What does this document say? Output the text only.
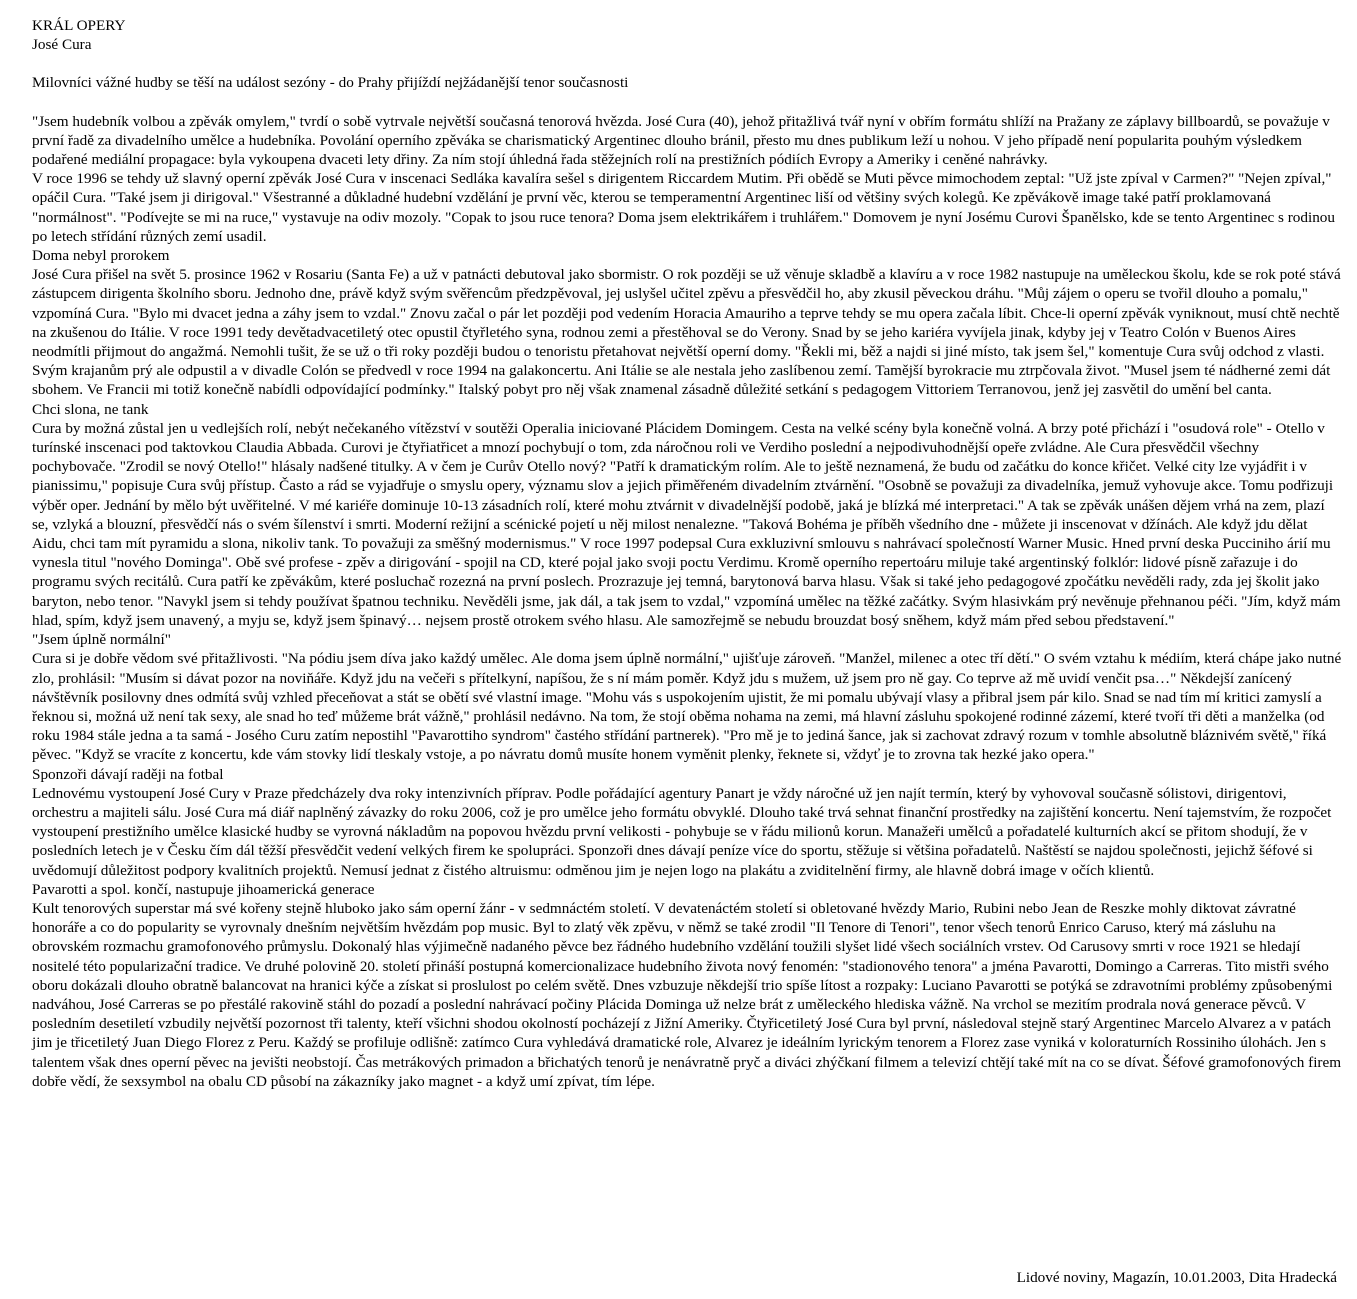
KRÁL OPERY
José Cura
Milovníci vážné hudby se těší na událost sezóny - do Prahy přijíždí nejžádanější tenor současnosti
"Jsem hudebník volbou a zpěvák omylem," tvrdí o sobě vytrvale největší současná tenorová hvězda. José Cura (40), jehož přitažlivá tvář nyní v obřím formátu shlíží na Pražany ze záplavy billboardů, se považuje v první řadě za divadelního umělce a hudebníka. Povolání operního zpěváka se charismatický Argentinec dlouho bránil, přesto mu dnes publikum leží u nohou. V jeho případě není popularita pouhým výsledkem podařené mediální propagace: byla vykoupena dvaceti lety dřiny. Za ním stojí úhledná řada stěžejních rolí na prestižních pódiích Evropy a Ameriky i ceněné nahrávky.
V roce 1996 se tehdy už slavný operní zpěvák José Cura v inscenaci Sedláka kavalíra sešel s dirigentem Riccardem Mutim. Při obědě se Muti pěvce mimochodem zeptal: "Už jste zpíval v Carmen?" "Nejen zpíval," opáčil Cura. "Také jsem ji dirigoval." Všestranné a důkladné hudební vzdělání je první věc, kterou se temperamentní Argentinec liší od většiny svých kolegů. Ke zpěvákově image také patří proklamovaná "normálnost". "Podívejte se mi na ruce," vystavuje na odiv mozoly. "Copak to jsou ruce tenora? Doma jsem elektrikářem i truhlářem." Domovem je nyní Josému Curovi Španělsko, kde se tento Argentinec s rodinou po letech střídání různých zemí usadil.
Doma nebyl prorokem
José Cura přišel na svět 5. prosince 1962 v Rosariu (Santa Fe) a už v patnácti debutoval jako sbormistr. O rok později se už věnuje skladbě a klavíru a v roce 1982 nastupuje na uměleckou školu, kde se rok poté stává zástupcem dirigenta školního sboru. Jednoho dne, právě když svým svěřencům předzpěvoval, jej uslyšel učitel zpěvu a přesvědčil ho, aby zkusil pěveckou dráhu. "Můj zájem o operu se tvořil dlouho a pomalu," vzpomíná Cura. "Bylo mi dvacet jedna a záhy jsem to vzdal." Znovu začal o pár let později pod vedením Horacia Amauriho a teprve tehdy se mu opera začala líbit. Chce-li operní zpěvák vyniknout, musí chtě nechtě na zkušenou do Itálie. V roce 1991 tedy devětadvacetiletý otec opustil čtyřletého syna, rodnou zemi a přestěhoval se do Verony. Snad by se jeho kariéra vyvíjela jinak, kdyby jej v Teatro Colón v Buenos Aires neodmítli přijmout do angažmá. Nemohli tušit, že se už o tři roky později budou o tenoristu přetahovat největší operní domy. "Řekli mi, běž a najdi si jiné místo, tak jsem šel," komentuje Cura svůj odchod z vlasti. Svým krajanům prý ale odpustil a v divadle Colón se předvedl v roce 1994 na galakoncertu. Ani Itálie se ale nestala jeho zaslíbenou zemí. Tamější byrokracie mu ztrpčovala život. "Musel jsem té nádherné zemi dát sbohem. Ve Francii mi totiž konečně nabídli odpovídající podmínky." Italský pobyt pro něj však znamenal zásadně důležité setkání s pedagogem Vittoriem Terranovou, jenž jej zasvětil do umění bel canta.
Chci slona, ne tank
Cura by možná zůstal jen u vedlejších rolí, nebýt nečekaného vítězství v soutěži Operalia iniciované Plácidem Domingem. Cesta na velké scény byla konečně volná. A brzy poté přichází i "osudová role" - Otello v turínské inscenaci pod taktovkou Claudia Abbada. Curovi je čtyřiatřicet a mnozí pochybují o tom, zda náročnou roli ve Verdiho poslední a nejpodivuhodnější opeře zvládne. Ale Cura přesvědčil všechny pochybovače. "Zrodil se nový Otello!" hlásaly nadšené titulky. A v čem je Curův Otello nový? "Patří k dramatickým rolím. Ale to ještě neznamená, že budu od začátku do konce křičet. Velké city lze vyjádřit i v pianissimu," popisuje Cura svůj přístup. Často a rád se vyjadřuje o smyslu opery, významu slov a jejich přiměřeném divadelním ztvárnění. "Osobně se považuji za divadelníka, jemuž vyhovuje akce. Tomu podřizuji výběr oper. Jednání by mělo být uvěřitelné. V mé kariéře dominuje 10-13 zásadních rolí, které mohu ztvárnit v divadelnější podobě, jaká je blízká mé interpretaci." A tak se zpěvák unášen dějem vrhá na zem, plazí se, vzlyká a blouzní, přesvědčí nás o svém šílenství i smrti. Moderní režijní a scénické pojetí u něj milost nenalezne. "Taková Bohéma je příběh všedního dne - můžete ji inscenovat v džínách. Ale když jdu dělat Aidu, chci tam mít pyramidu a slona, nikoliv tank. To považuji za směšný modernismus." V roce 1997 podepsal Cura exkluzivní smlouvu s nahrávací společností Warner Music. Hned první deska Pucciniho árií mu vynesla titul "nového Dominga". Obě své profese - zpěv a dirigování - spojil na CD, které pojal jako svoji poctu Verdimu. Kromě operního repertoáru miluje také argentinský folklór: lidové písně zařazuje i do programu svých recitálů. Cura patří ke zpěvákům, které posluchač rozezná na první poslech. Prozrazuje jej temná, barytonová barva hlasu. Však si také jeho pedagogové zpočátku nevěděli rady, zda jej školit jako baryton, nebo tenor. "Navykl jsem si tehdy používat špatnou techniku. Nevěděli jsme, jak dál, a tak jsem to vzdal," vzpomíná umělec na těžké začátky. Svým hlasivkám prý nevěnuje přehnanou péči. "Jím, když mám hlad, spím, když jsem unavený, a myju se, když jsem špinavý… nejsem prostě otrokem svého hlasu. Ale samozřejmě se nebudu brouzdat bosý sněhem, když mám před sebou představení."
"Jsem úplně normální"
Cura si je dobře vědom své přitažlivosti. "Na pódiu jsem díva jako každý umělec. Ale doma jsem úplně normální," ujišťuje zároveň. "Manžel, milenec a otec tří dětí." O svém vztahu k médiím, která chápe jako nutné zlo, prohlásil: "Musím si dávat pozor na noviňáře. Když jdu na večeři s přítelkyní, napíšou, že s ní mám poměr. Když jdu s mužem, už jsem pro ně gay. Co teprve až mě uvidí venčit psa…" Někdejší zanícený návštěvník posilovny dnes odmítá svůj vzhled přeceňovat a stát se obětí své vlastní image. "Mohu vás s uspokojením ujistit, že mi pomalu ubývají vlasy a přibral jsem pár kilo. Snad se nad tím mí kritici zamyslí a řeknou si, možná už není tak sexy, ale snad ho teď můžeme brát vážně," prohlásil nedávno. Na tom, že stojí oběma nohama na zemi, má hlavní zásluhu spokojené rodinné zázemí, které tvoří tři děti a manželka (od roku 1984 stále jedna a ta samá - Josého Curu zatím nepostihl "Pavarottiho syndrom" častého střídání partnerek). "Pro mě je to jediná šance, jak si zachovat zdravý rozum v tomhle absolutně bláznivém světě," říká pěvec. "Když se vracíte z koncertu, kde vám stovky lidí tleskaly vstoje, a po návratu domů musíte honem vyměnit plenky, řeknete si, vždyť je to zrovna tak hezké jako opera."
Sponzoři dávají raději na fotbal
Lednovému vystoupení José Cury v Praze předcházely dva roky intenzivních příprav. Podle pořádající agentury Panart je vždy náročné už jen najít termín, který by vyhovoval současně sólistovi, dirigentovi, orchestru a majiteli sálu. José Cura má diář naplněný závazky do roku 2006, což je pro umělce jeho formátu obvyklé. Dlouho také trvá sehnat finanční prostředky na zajištění koncertu. Není tajemstvím, že rozpočet vystoupení prestižního umělce klasické hudby se vyrovná nákladům na popovou hvězdu první velikosti - pohybuje se v řádu milionů korun. Manažeři umělců a pořadatelé kulturních akcí se přitom shodují, že v posledních letech je v Česku čím dál těžší přesvědčit vedení velkých firem ke spolupráci. Sponzoři dnes dávají peníze více do sportu, stěžuje si většina pořadatelů. Naštěstí se najdou společnosti, jejichž šéfové si uvědomují důležitost podpory kvalitních projektů. Nemusí jednat z čistého altruismu: odměnou jim je nejen logo na plakátu a zviditelnění firmy, ale hlavně dobrá image v očích klientů.
Pavarotti a spol. končí, nastupuje jihoamerická generace
Kult tenorových superstar má své kořeny stejně hluboko jako sám operní žánr - v sedmnáctém století. V devatenáctém století si obletované hvězdy Mario, Rubini nebo Jean de Reszke mohly diktovat závratné honoráře a co do popularity se vyrovnaly dnešním největším hvězdám pop music. Byl to zlatý věk zpěvu, v němž se také zrodil "Il Tenore di Tenori", tenor všech tenorů Enrico Caruso, který má zásluhu na obrovském rozmachu gramofonového průmyslu. Dokonalý hlas výjimečně nadaného pěvce bez řádného hudebního vzdělání toužili slyšet lidé všech sociálních vrstev. Od Carusovy smrti v roce 1921 se hledají nositelé této popularizační tradice. Ve druhé polovině 20. století přináší postupná komercionalizace hudebního života nový fenomén: "stadionového tenora" a jména Pavarotti, Domingo a Carreras. Tito mistři svého oboru dokázali dlouho obratně balancovat na hranici kýče a získat si proslulost po celém světě. Dnes vzbuzuje někdejší trio spíše lítost a rozpaky: Luciano Pavarotti se potýká se zdravotními problémy způsobenými nadváhou, José Carreras se po přestálé rakovině stáhl do pozadí a poslední nahrávací počiny Plácida Dominga už nelze brát z uměleckého hlediska vážně. Na vrchol se mezitím prodrala nová generace pěvců. V posledním desetiletí vzbudily největší pozornost tři talenty, kteří všichni shodou okolností pocházejí z Jižní Ameriky. Čtyřicetiletý José Cura byl první, následoval stejně starý Argentinec Marcelo Alvarez a v patách jim je třicetiletý Juan Diego Florez z Peru. Každý se profiluje odlišně: zatímco Cura vyhledává dramatické role, Alvarez je ideálním lyrickým tenorem a Florez zase vyniká v koloraturních Rossiniho úlohách. Jen s talentem však dnes operní pěvec na jevišti neobstojí. Čas metrákových primadon a břichatých tenorů je nenávratně pryč a diváci zhýčkaní filmem a televizí chtějí také mít na co se dívat. Šéfové gramofonových firem dobře vědí, že sexsymbol na obalu CD působí na zákazníky jako magnet - a když umí zpívat, tím lépe.
Lidové noviny, Magazín, 10.01.2003, Dita Hradecká
